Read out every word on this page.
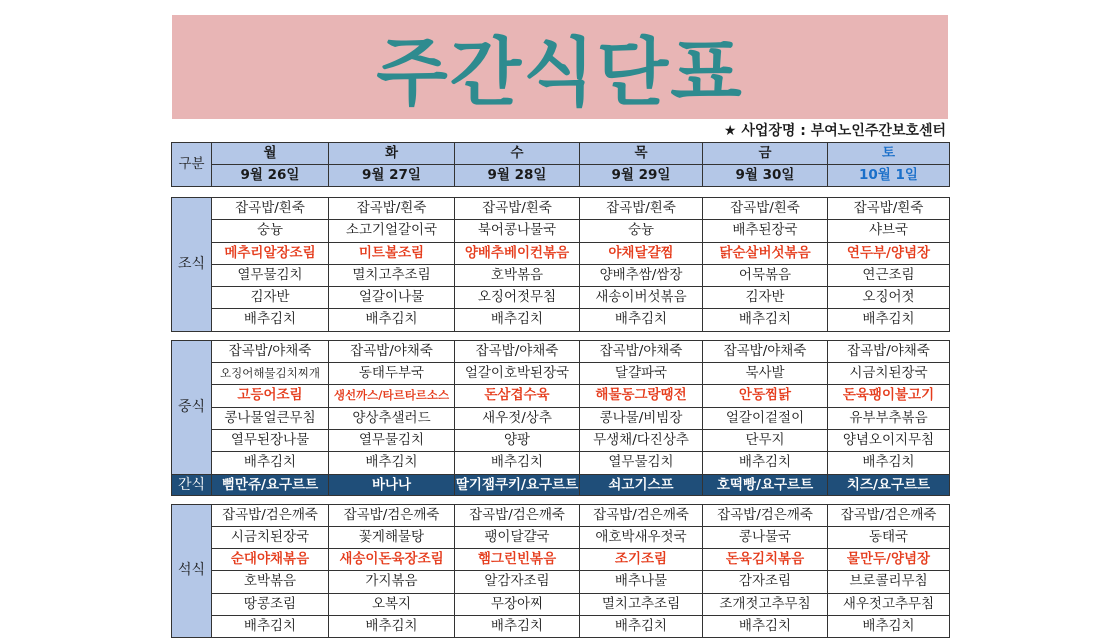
주간식단표
★ 사업장명 : 부여노인주간보호센터
구분	월	화	수	목	금	토
	9월 26일	9월 27일	9월 28일	9월 29일	9월 30일	10월 1일
조식	잡곡밥/흰죽	잡곡밥/흰죽	잡곡밥/흰죽	잡곡밥/흰죽	잡곡밥/흰죽	잡곡밥/흰죽
	숭늉	소고기얼갈이국	북어콩나물국	숭늉	배추된장국	샤브국
	메추리알장조림	미트볼조림	양배추베이컨볶음	야채달걀찜	닭순살버섯볶음	연두부/양념장
	열무물김치	멸치고추조림	호박볶음	양배추쌈/쌈장	어묵볶음	연근조림
	김자반	얼갈이나물	오징어젓무침	새송이버섯볶음	김자반	오징어젓
	배추김치	배추김치	배추김치	배추김치	배추김치	배추김치

중식	잡곡밥/야채죽	잡곡밥/야채죽	잡곡밥/야채죽	잡곡밥/야채죽	잡곡밥/야채죽	잡곡밥/야채죽
	오징어해물김치찌개	동태두부국	얼갈이호박된장국	달걀파국	묵사발	시금치된장국
	고등어조림	생선까스/타르타르소스	돈삼겹수육	해물동그랑땡전	안동찜닭	돈육팽이불고기
	콩나물얼큰무침	양상추샐러드	새우젓/상추	콩나물/비빔장	얼갈이겉절이	유부부추볶음
	열무된장나물	열무물김치	양팡	무생채/다진상추	단무지	양념오이지무침
	배추김치	배추김치	배추김치	열무물김치	배추김치	배추김치
간식	뻠만쥬/요구르트	바나나	딸기잼쿠키/요구르트	쇠고기스프	호떡빵/요구르트	치즈/요구르트

석식	잡곡밥/검은깨죽	잡곡밥/검은깨죽	잡곡밥/검은깨죽	잡곡밥/검은깨죽	잡곡밥/검은깨죽	잡곡밥/검은깨죽
	시금치된장국	꽃게해물탕	팽이달걀국	애호박새우젓국	콩나물국	동태국
	순대야채볶음	새송이돈육장조림	햄그린빈볶음	조기조림	돈육김치볶음	물만두/양념장
	호박볶음	가지볶음	알감자조림	배추나물	감자조림	브로콜리무침
	땅콩조림	오복지	무장아찌	멸치고추조림	조개젓고추무침	새우젓고추무침
	배추김치	배추김치	배추김치	배추김치	배추김치	배추김치
